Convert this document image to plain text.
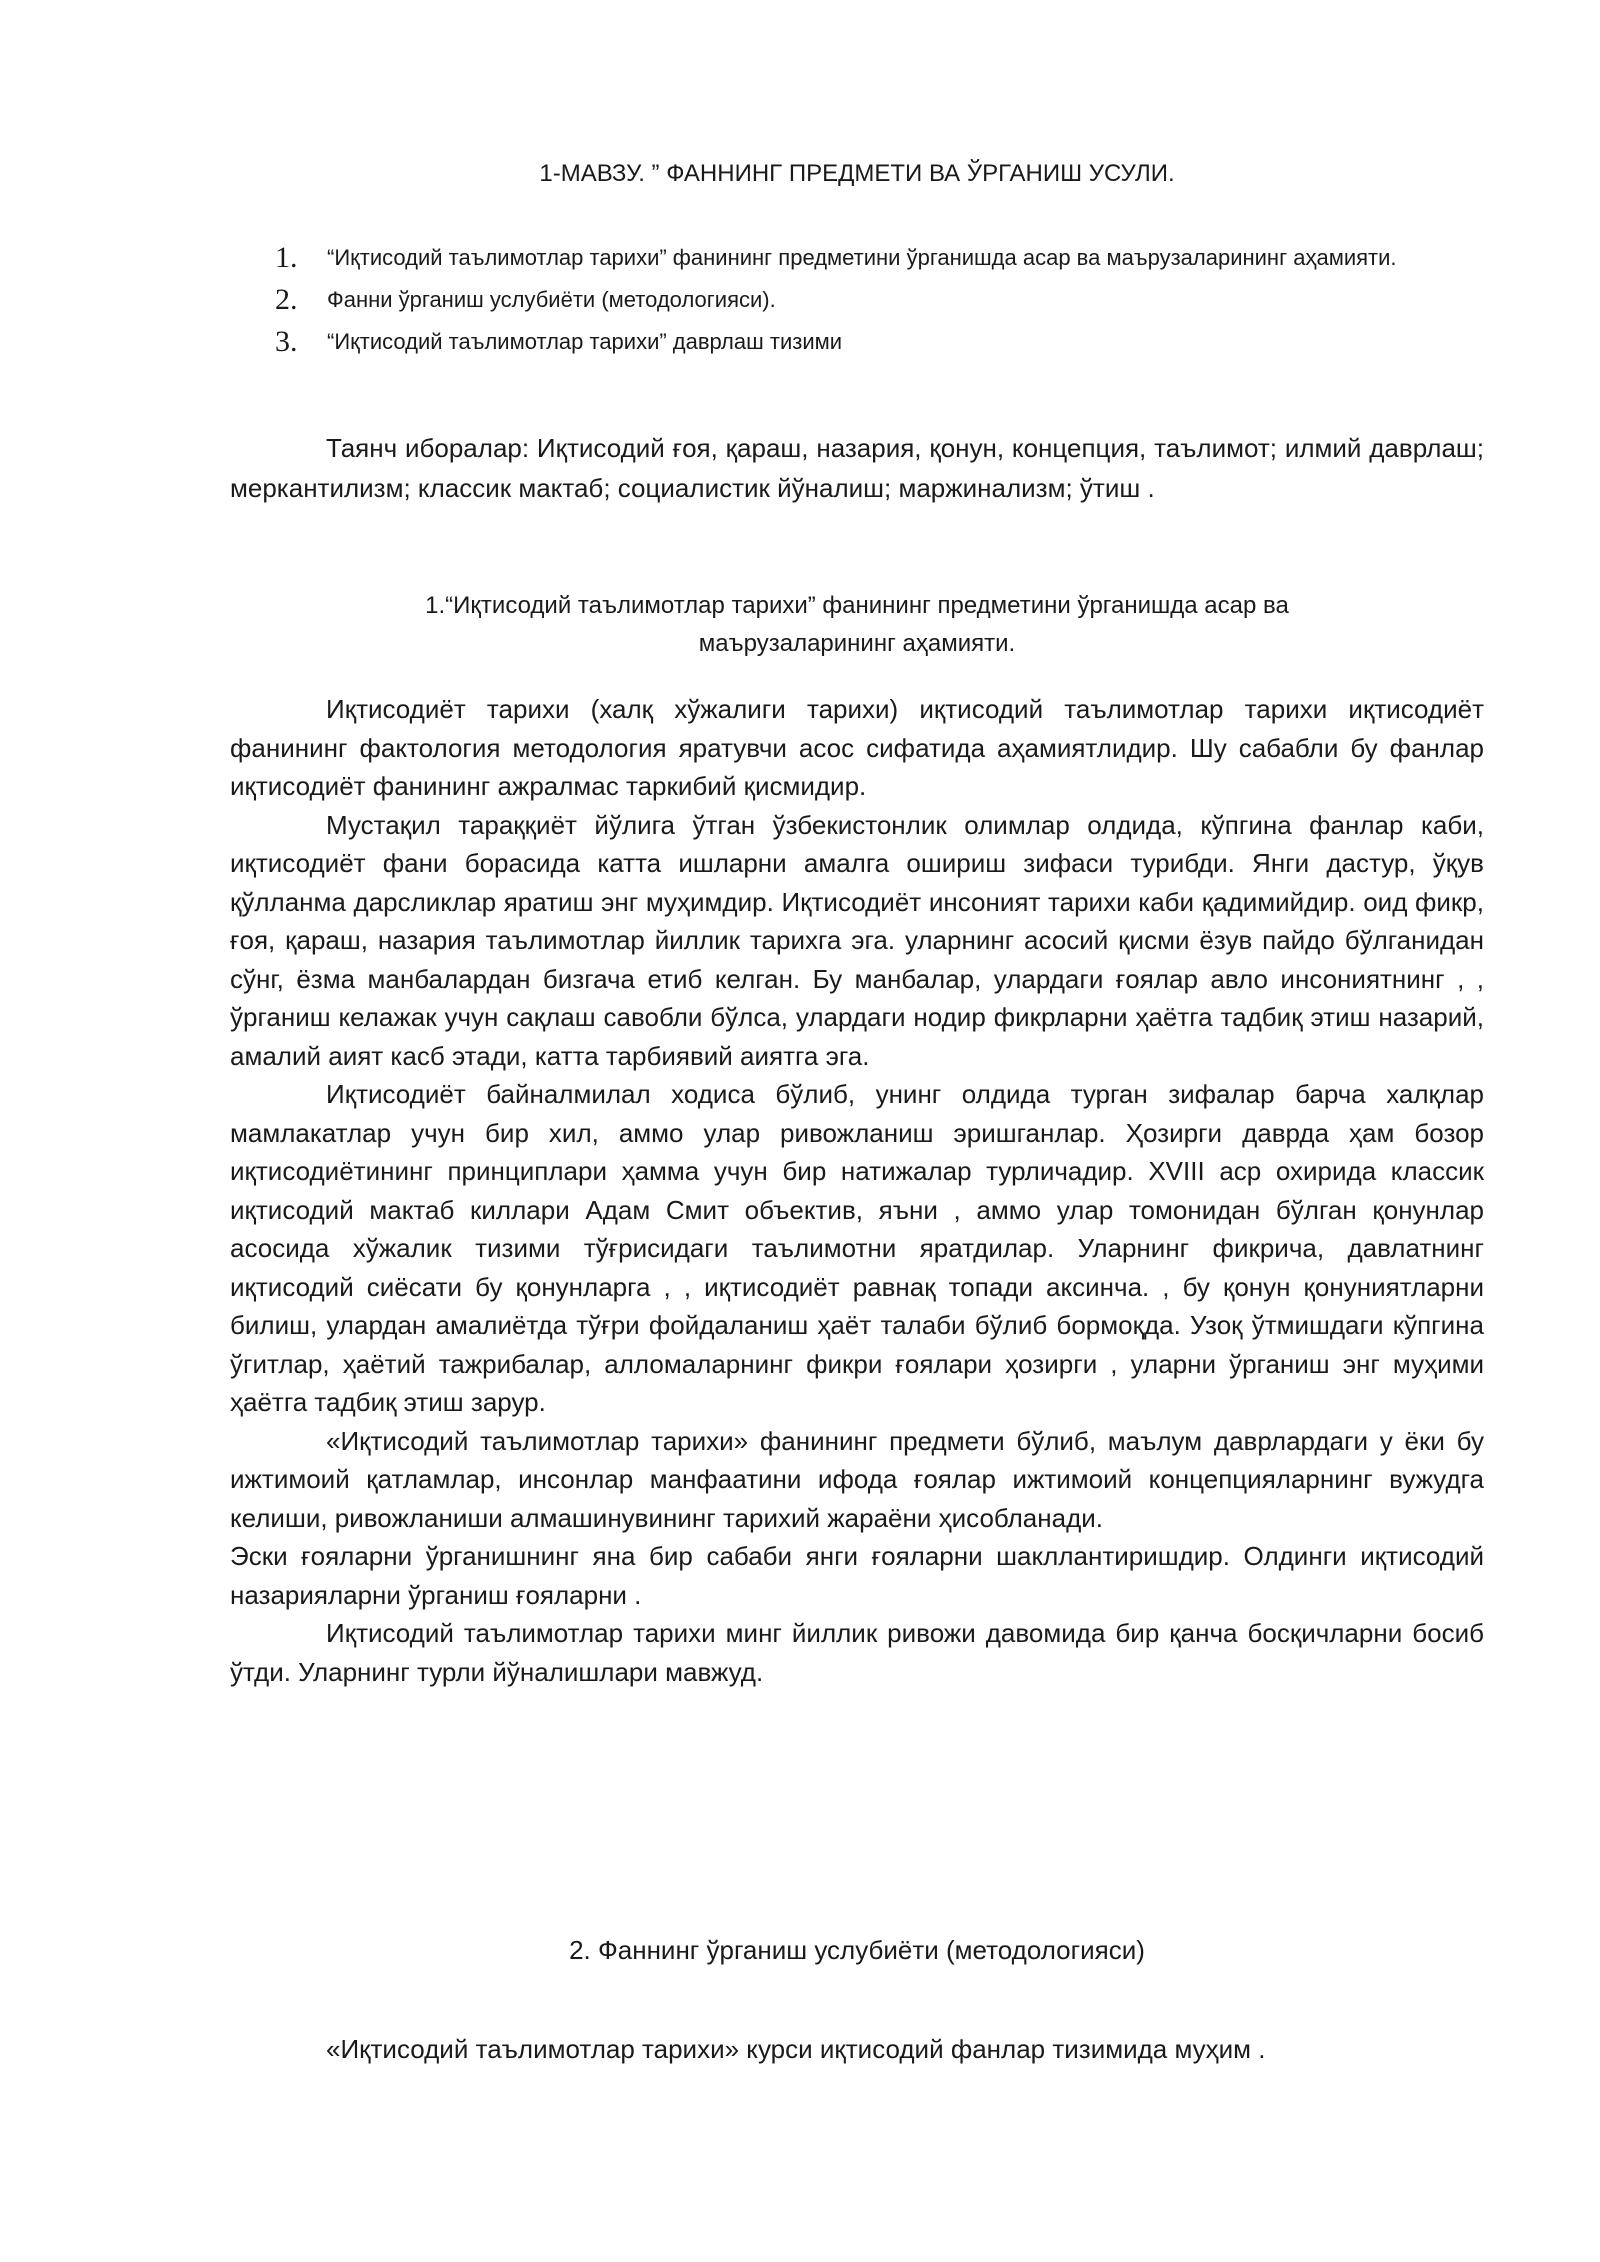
1-МАВЗУ. ” ФАННИНГ ПРЕДМЕТИ ВА ЎРГАНИШ УСУЛИ.
1.	“Иқтисодий таълимотлар тарихи” фанининг предметини ўрганишда асар ва маърузаларининг аҳамияти.
2.	Фанни ўрганиш услубиёти (методологияси).
3.	“Иқтисодий таълимотлар тарихи” даврлаш тизими

Таянч иборалар: Иқтисодий ғоя, қараш, назария, қонун, концепция, таълимот; илмий даврлаш; меркантилизм; классик мактаб; социалистик йўналиш; маржинализм; ўтиш .

1.“Иқтисодий таълимотлар тарихи” фанининг предметини ўрганишда асар ва

маърузаларининг аҳамияти.

Иқтисодиёт тарихи (халқ хўжалиги тарихи) иқтисодий таълимотлар тарихи иқтисодиёт фанининг фактология методология яратувчи асос сифатида аҳамиятлидир. Шу сабабли бу фанлар иқтисодиёт фанининг ажралмас таркибий қисмидир.

Мустақил тараққиёт йўлига ўтган ўзбекистонлик олимлар олдида, кўпгина фанлар каби, иқтисодиёт фани борасида катта ишларни амалга ошириш зифаси турибди. Янги дастур, ўқув қўлланма дарсликлар яратиш энг муҳимдир. Иқтисодиёт инсоният тарихи каби қадимийдир. оид фикр, ғоя, қараш, назария таълимотлар йиллик тарихга эга. уларнинг асосий қисми ёзув пайдо бўлганидан сўнг, ёзма манбалардан бизгача етиб келган. Бу манбалар, улардаги ғоялар авло инсониятнинг , , ўрганиш келажак учун сақлаш савобли бўлса, улардаги нодир фикрларни ҳаётга тадбиқ этиш назарий, амалий аият касб этади, катта тарбиявий аиятга эга.

Иқтисодиёт байналмилал ходиса бўлиб, унинг олдида турган зифалар барча халқлар мамлакатлар учун бир хил, аммо улар ривожланиш эришганлар. Ҳозирги даврда ҳам бозор иқтисодиётининг принциплари ҳамма учун бир натижалар турличадир. XVIII аср охирида классик иқтисодий мактаб киллари Адам Смит объектив, яъни , аммо улар томонидан бўлган қонунлар асосида хўжалик тизими тўғрисидаги таълимотни яратдилар. Уларнинг фикрича, давлатнинг иқтисодий сиёсати бу қонунларга , , иқтисодиёт равнақ топади аксинча. , бу қонун қонуниятларни билиш, улардан амалиётда тўғри фойдаланиш ҳаёт талаби бўлиб бормоқда. Узоқ ўтмишдаги кўпгина ўгитлар, ҳаётий тажрибалар, алломаларнинг фикри ғоялари ҳозирги , уларни ўрганиш энг муҳими ҳаётга тадбиқ этиш зарур.

«Иқтисодий таълимотлар тарихи» фанининг предмети бўлиб, маълум даврлардаги у ёки бу ижтимоий қатламлар, инсонлар манфаатини ифода ғоялар ижтимоий концепцияларнинг вужудга келиши, ривожланиши алмашинувининг тарихий жараёни ҳисобланади.

Эски ғояларни ўрганишнинг яна бир сабаби янги ғояларни шакллантиришдир. Олдинги иқтисодий назарияларни ўрганиш ғояларни .

Иқтисодий таълимотлар тарихи минг йиллик ривожи давомида бир қанча босқичларни босиб ўтди. Уларнинг турли йўналишлари мавжуд.

2. Фаннинг ўрганиш услубиёти (методологияси)

«Иқтисодий таълимотлар тарихи» курси иқтисодий фанлар тизимида муҳим .
